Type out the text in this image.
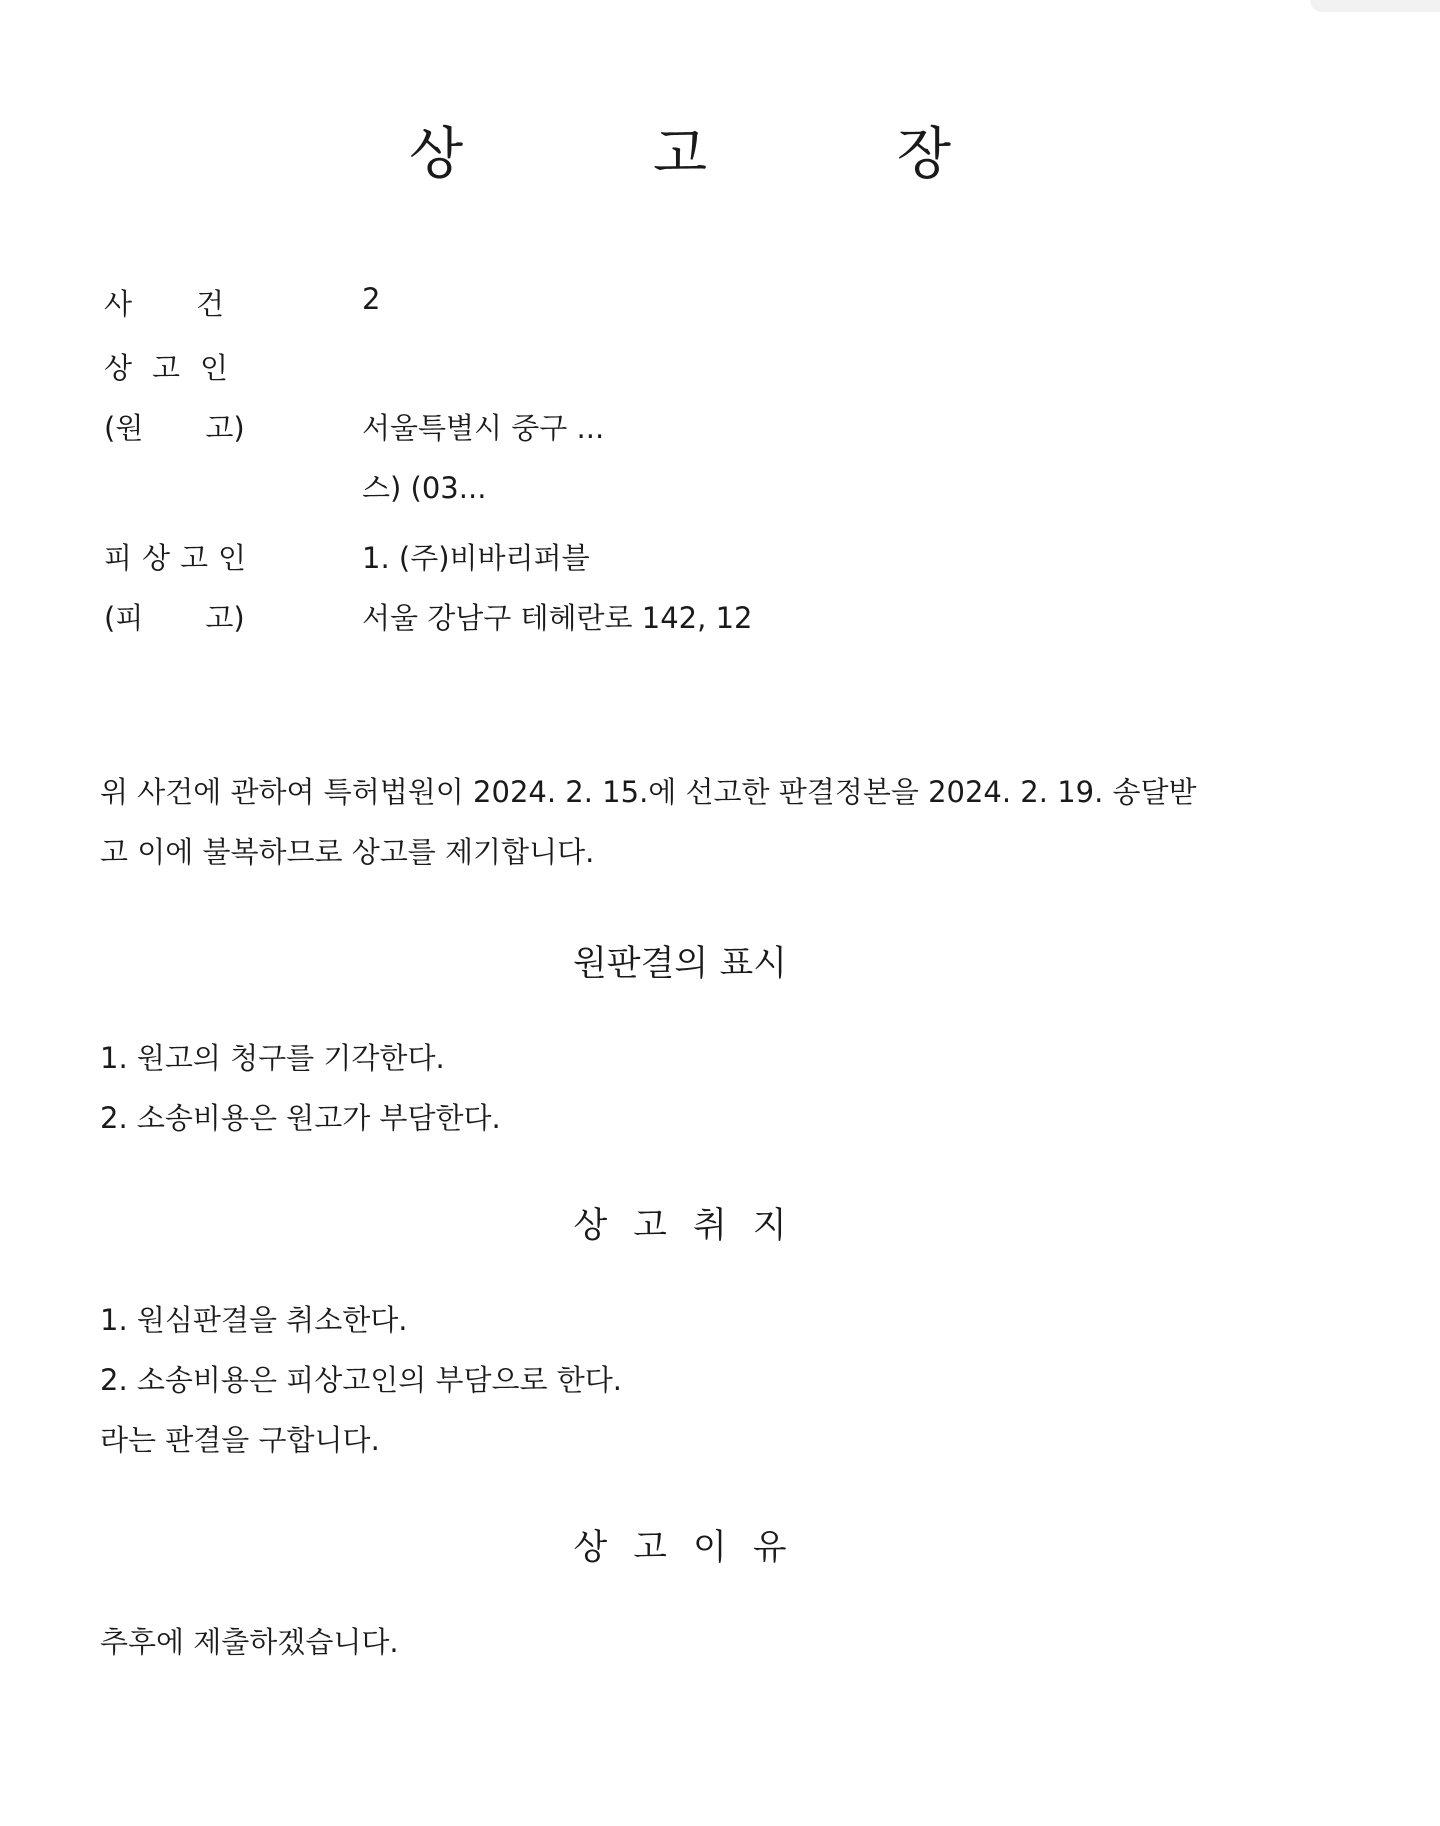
상 고 장
사건	2
상고인
(원 고)	서울특별시 중구 ...
스) (03...
피상고인	1. (주)비바리퍼블
(피 고)	서울 강남구 테헤란로 142, 12
위 사건에 관하여 특허법원이 2024. 2. 15.에 선고한 판결정본을 2024. 2. 19. 송달받
고 이에 불복하므로 상고를 제기합니다.
원판결의 표시
1. 원고의 청구를 기각한다.
2. 소송비용은 원고가 부담한다.
상고취지
1. 원심판결을 취소한다.
2. 소송비용은 피상고인의 부담으로 한다.
라는 판결을 구합니다.
상고이유
추후에 제출하겠습니다.
